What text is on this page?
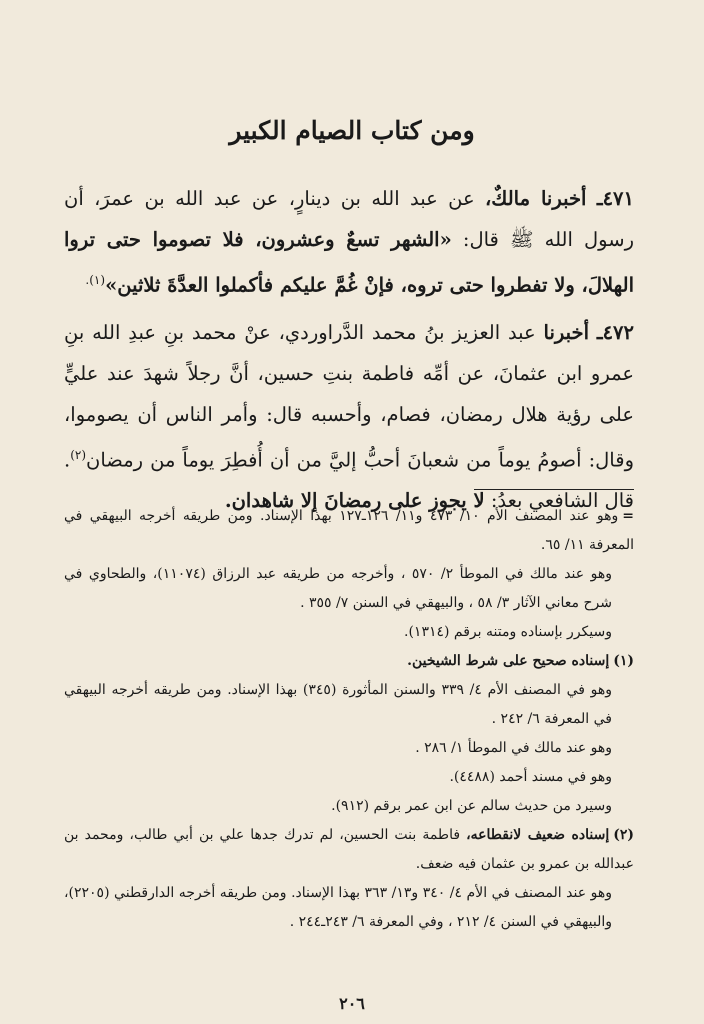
ومن كتاب الصيام الكبير

٤٧١ـ أخبرنا مالكٌ، عن عبد الله بن دينارٍ، عن عبد الله بن عمرَ، أن رسول الله ﷺ قال: «الشهر تسعٌ وعشرون، فلا تصوموا حتى تروا الهلالَ، ولا تفطروا حتى تروه، فإنْ غُمَّ عليكم فأكملوا العدَّةَ ثلاثين»$^{(١).}$

٤٧٢ـ أخبرنا عبد العزيز بنُ محمد الدَّراوردي، عنْ محمد بنِ عبدِ الله بنِ عمرو ابن عثمانَ، عن أمِّه فاطمة بنتِ حسين، أنَّ رجلاً شهدَ عند عليٍّ على رؤية هلال رمضان، فصام، وأحسبه قال: وأمر الناس أن يصوموا، وقال: أصومُ يوماً من شعبانَ أحبُّ إليَّ من أن أُفطِرَ يوماً من رمضان$^{(٢)}$. قال الشافعي بعدُ: لا يجوز على رمضانَ إلا شاهدان.

=وهو عند المصنف الأم ١٠/ ٤٧٣ و١١/ ١٢٦ـ١٢٧ بهذا الإسناد. ومن طريقه أخرجه البيهقي في المعرفة ١١/ ٦٥.

وهو عند مالك في الموطأ ٢/ ٥٧٠ ، وأخرجه من طريقه عبد الرزاق (١١٠٧٤)، والطحاوي في شرح معاني الآثار ٣/ ٥٨ ، والبيهقي في السنن ٧/ ٣٥٥ .

وسيكرر بإسناده ومتنه برقم (١٣١٤).

(١)إسناده صحيح على شرط الشيخين.

وهو في المصنف الأم ٤/ ٣٣٩ والسنن المأثورة (٣٤٥) بهذا الإسناد. ومن طريقه أخرجه البيهقي في المعرفة ٦/ ٢٤٢ .

وهو عند مالك في الموطأ ١/ ٢٨٦ .

وهو في مسند أحمد (٤٤٨٨).

وسيرد من حديث سالم عن ابن عمر برقم (٩١٢).

(٢)إسناده ضعيف لانقطاعه، فاطمة بنت الحسين، لم تدرك جدها علي بن أبي طالب، ومحمد بن عبدالله بن عمرو بن عثمان فيه ضعف.

وهو عند المصنف في الأم ٤/ ٣٤٠ و١٣/ ٣٦٣ بهذا الإسناد. ومن طريقه أخرجه الدارقطني (٢٢٠٥)، والبيهقي في السنن ٤/ ٢١٢ ، وفي المعرفة ٦/ ٢٤٣ـ٢٤٤ .

٢٠٦
